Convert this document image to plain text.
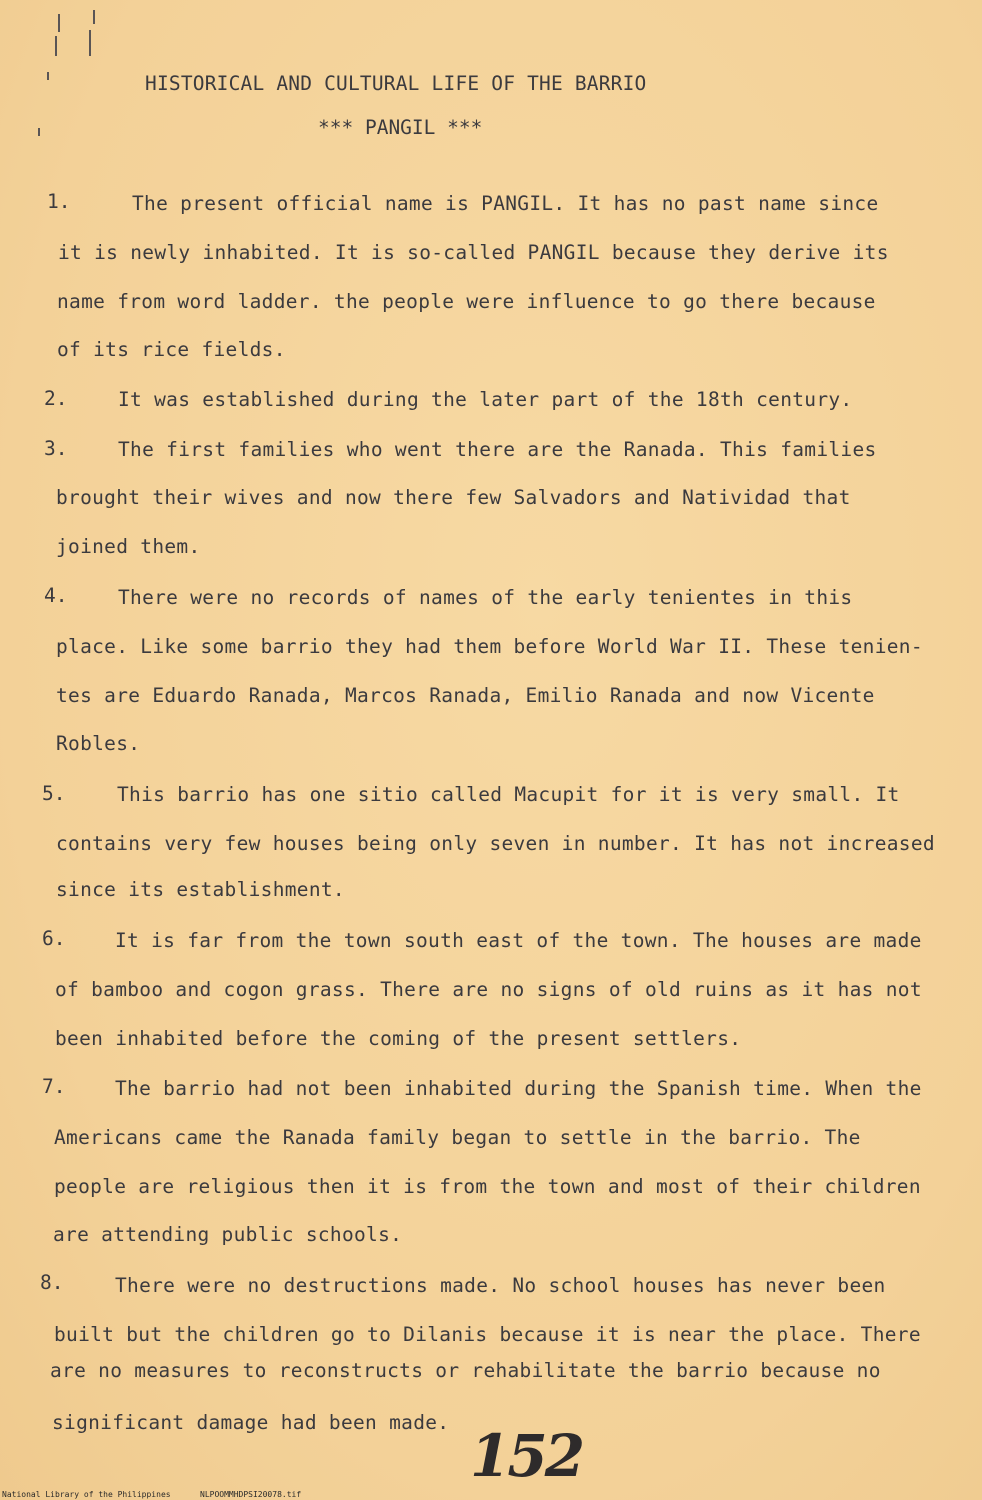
HISTORICAL AND CULTURAL LIFE OF THE BARRIO
*** PANGIL ***
1.	The present official name is PANGIL. It has no past name since
it is newly inhabited. It is so-called PANGIL because they derive its
name from word ladder. the people were influence to go there because
of its rice fields.
2.	It was established during the later part of the 18th century.
3.	The first families who went there are the Ranada. This families
brought their wives and now there few Salvadors and Natividad that
joined them.
4.	There were no records of names of the early tenientes in this
place. Like some barrio they had them before World War II. These tenien-
tes are Eduardo Ranada, Marcos Ranada, Emilio Ranada and now Vicente
Robles.
5.	This barrio has one sitio called Macupit for it is very small. It
contains very few houses being only seven in number. It has not increased
since its establishment.
6.	It is far from the town south east of the town. The houses are made
of bamboo and cogon grass. There are no signs of old ruins as it has not
been inhabited before the coming of the present settlers.
7.	The barrio had not been inhabited during the Spanish time. When the
Americans came the Ranada family began to settle in the barrio. The
people are religious then it is from the town and most of their children
are attending public schools.
8.	There were no destructions made. No school houses has never been
built but the children go to Dilanis because it is near the place. There
are no measures to reconstructs or rehabilitate the barrio because no
significant damage had been made. 152
National Library of the Philippines	NLPOOMMHDPSI20078.tif
